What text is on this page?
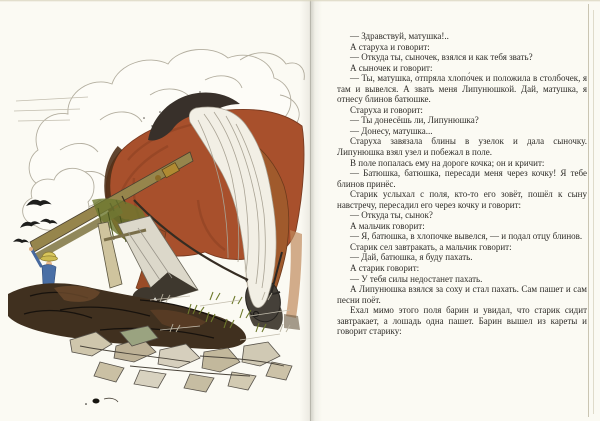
— Здравствуй, матушка!..

А старуха и говорит:

— Откуда ты, сыночек, взялся и как тебя звать?

А сыночек и говорит:

— Ты, матушка, отпряла хлопо́чек и положила в столбочек, я там и вывелся. А звать меня Липунюшкой. Дай, матушка, я отнесу блинов батюшке.

Старуха и говорит:

— Ты донесёшь ли, Липунюшка?

— Донесу, матушка...

Старуха завязала блины в узелок и дала сыночку. Липунюшка взял узел и побежал в поле.

В поле попалась ему на дороге кочка; он и кричит:

— Батюшка, батюшка, пересади меня через кочку! Я тебе блинов принёс.

Старик услыхал с поля, кто-то его зовёт, пошёл к сыну навстречу, пересадил его через кочку и говорит:

— Откуда ты, сынок?

А мальчик говорит:

— Я, батюшка, в хлопочке вывелся, — и подал отцу блинов.

Старик сел завтракать, а мальчик говорит:

— Дай, батюшка, я буду пахать.

А старик говорит:

— У тебя силы недостанет пахать.

А Липунюшка взялся за соху и стал пахать. Сам пашет и сам песни поёт.

Ехал мимо этого поля барин и увидал, что старик сидит завтракает, а лошадь одна пашет. Барин вышел из кареты и говорит старику:
